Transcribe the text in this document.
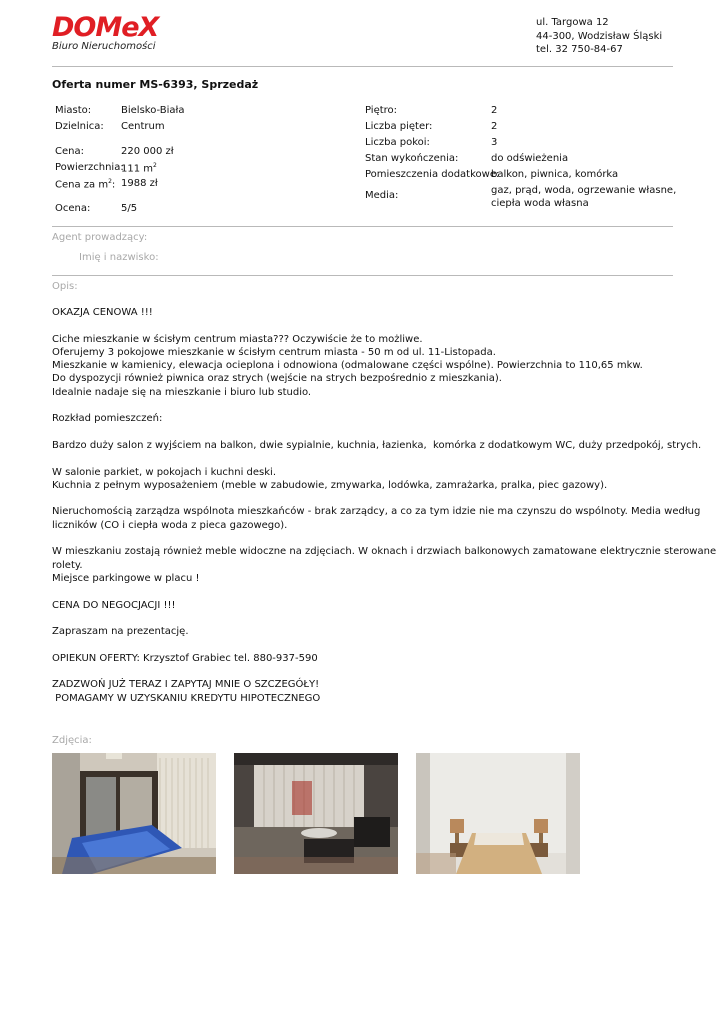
DOMeX
Biuro Nieruchomości
ul. Targowa 12
44-300, Wodzisław Śląski
tel. 32 750-84-67
Oferta numer MS-6393, Sprzedaż
Miasto:	Bielsko-Biała
Dzielnica: Centrum
Cena:	220 000 zł
Powierzchnia:
111 $m^2$
Cena za $m^2$: 1988 zł
Ocena:	5/5
Piętro:	2
Liczba pięter:	2
Liczba pokoi:	3
Stan wykończenia:	do odświeżenia
Pomieszczenia dodatkowe:
balkon, piwnica, komórka
Media:	gaz, prąd, woda, ogrzewanie własne,
ciepła woda własna
Agent prowadzący:
Imię i nazwisko:
Opis:

OKAZJA CENOWA !!!

Ciche mieszkanie w ścisłym centrum miasta??? Oczywiście że to możliwe.

Oferujemy 3 pokojowe mieszkanie w ścisłym centrum miasta - 50 m od ul. 11-Listopada.

Mieszkanie w kamienicy, elewacja ocieplona i odnowiona (odmalowane części wspólne). Powierzchnia to 110,65 mkw.

Do dyspozycji również piwnica oraz strych (wejście na strych bezpośrednio z mieszkania).

Idealnie nadaje się na mieszkanie i biuro lub studio.

Rozkład pomieszczeń:

Bardzo duży salon z wyjściem na balkon, dwie sypialnie, kuchnia, łazienka,  komórka z dodatkowym WC, duży przedpokój, strych.

W salonie parkiet, w pokojach i kuchni deski.

Kuchnia z pełnym wyposażeniem (meble w zabudowie, zmywarka, lodówka, zamrażarka, pralka, piec gazowy).

Nieruchomością zarządza wspólnota mieszkańców - brak zarządcy, a co za tym idzie nie ma czynszu do wspólnoty. Media według

liczników (CO i ciepła woda z pieca gazowego).

W mieszkaniu zostają również meble widoczne na zdjęciach. W oknach i drzwiach balkonowych zamatowane elektrycznie sterowane

rolety.

Miejsce parkingowe w placu !

CENA DO NEGOCJACJI !!!

Zapraszam na prezentację.

OPIEKUN OFERTY: Krzysztof Grabiec tel. 880-937-590

ZADZWOŃ JUŻ TERAZ I ZAPYTAJ MNIE O SZCZEGÓŁY!

POMAGAMY W UZYSKANIU KREDYTU HIPOTECZNEGO

Zdjęcia:
